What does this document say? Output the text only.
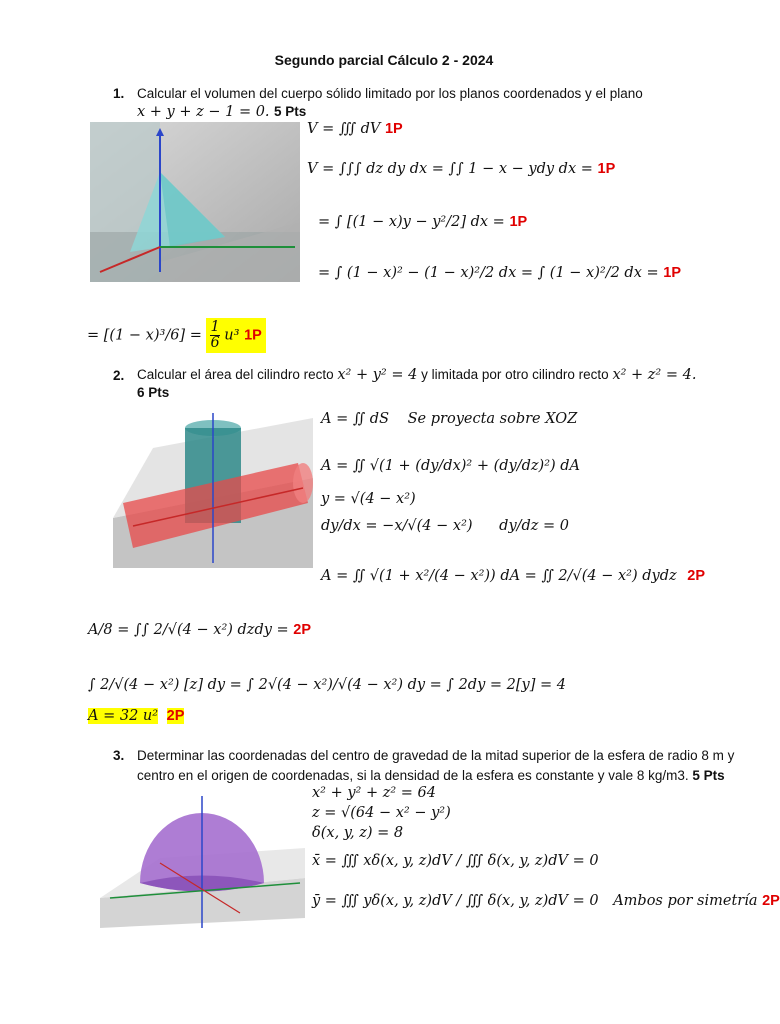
Segundo parcial Cálculo 2 - 2024
1. Calcular el volumen del cuerpo sólido limitado por los planos coordenados y el plano
x + y + z − 1 = 0. 5 Pts
V = ∭ dV 1P
V = ∫∫∫ dz dy dx = ∫∫ 1 − x − ydy dx = 1P
= ∫ [(1 − x)y − y²/2] dx = 1P
= ∫ (1 − x)² − (1 − x)²/2 dx = ∫ (1 − x)²/2 dx = 1P
= $[(1 - x)^3/6] = \frac{1}{6} u^3$ 1P
2. Calcular el área del cilindro recto x² + y² = 4 y limitada por otro cilindro recto x² + z² = 4.
6 Pts
A = ∬ dS Se proyecta sobre XOZ
A = ∬ √(1 + (dy/dx)² + (dy/dz)²) dA
y = √(4 − x²)
dy/dx = −x/√(4 − x²) dy/dz = 0
A = ∬ √(1 + x²/(4 − x²)) dA = ∬ 2/√(4 − x²) dydz 2P
A/8 = ∫∫ 2/√(4 − x²) dzdy = 2P
∫ 2/√(4 − x²) [z] dy = ∫ 2√(4 − x²)/√(4 − x²) dy = ∫ 2dy = 2[y] = 4
A = 32 u² 2P
3. Determinar las coordenadas del centro de gravedad de la mitad superior de la esfera de radio 8 m y
centro en el origen de coordenadas, si la densidad de la esfera es constante y vale 8 kg/m3. 5 Pts
x² + y² + z² = 64
z = √(64 − x² − y²)
δ(x, y, z) = 8
x̄ = ∭ xδ(x, y, z)dV / ∭ δ(x, y, z)dV = 0
ȳ = ∭ yδ(x, y, z)dV / ∭ δ(x, y, z)dV = 0 Ambos por simetría 2P
